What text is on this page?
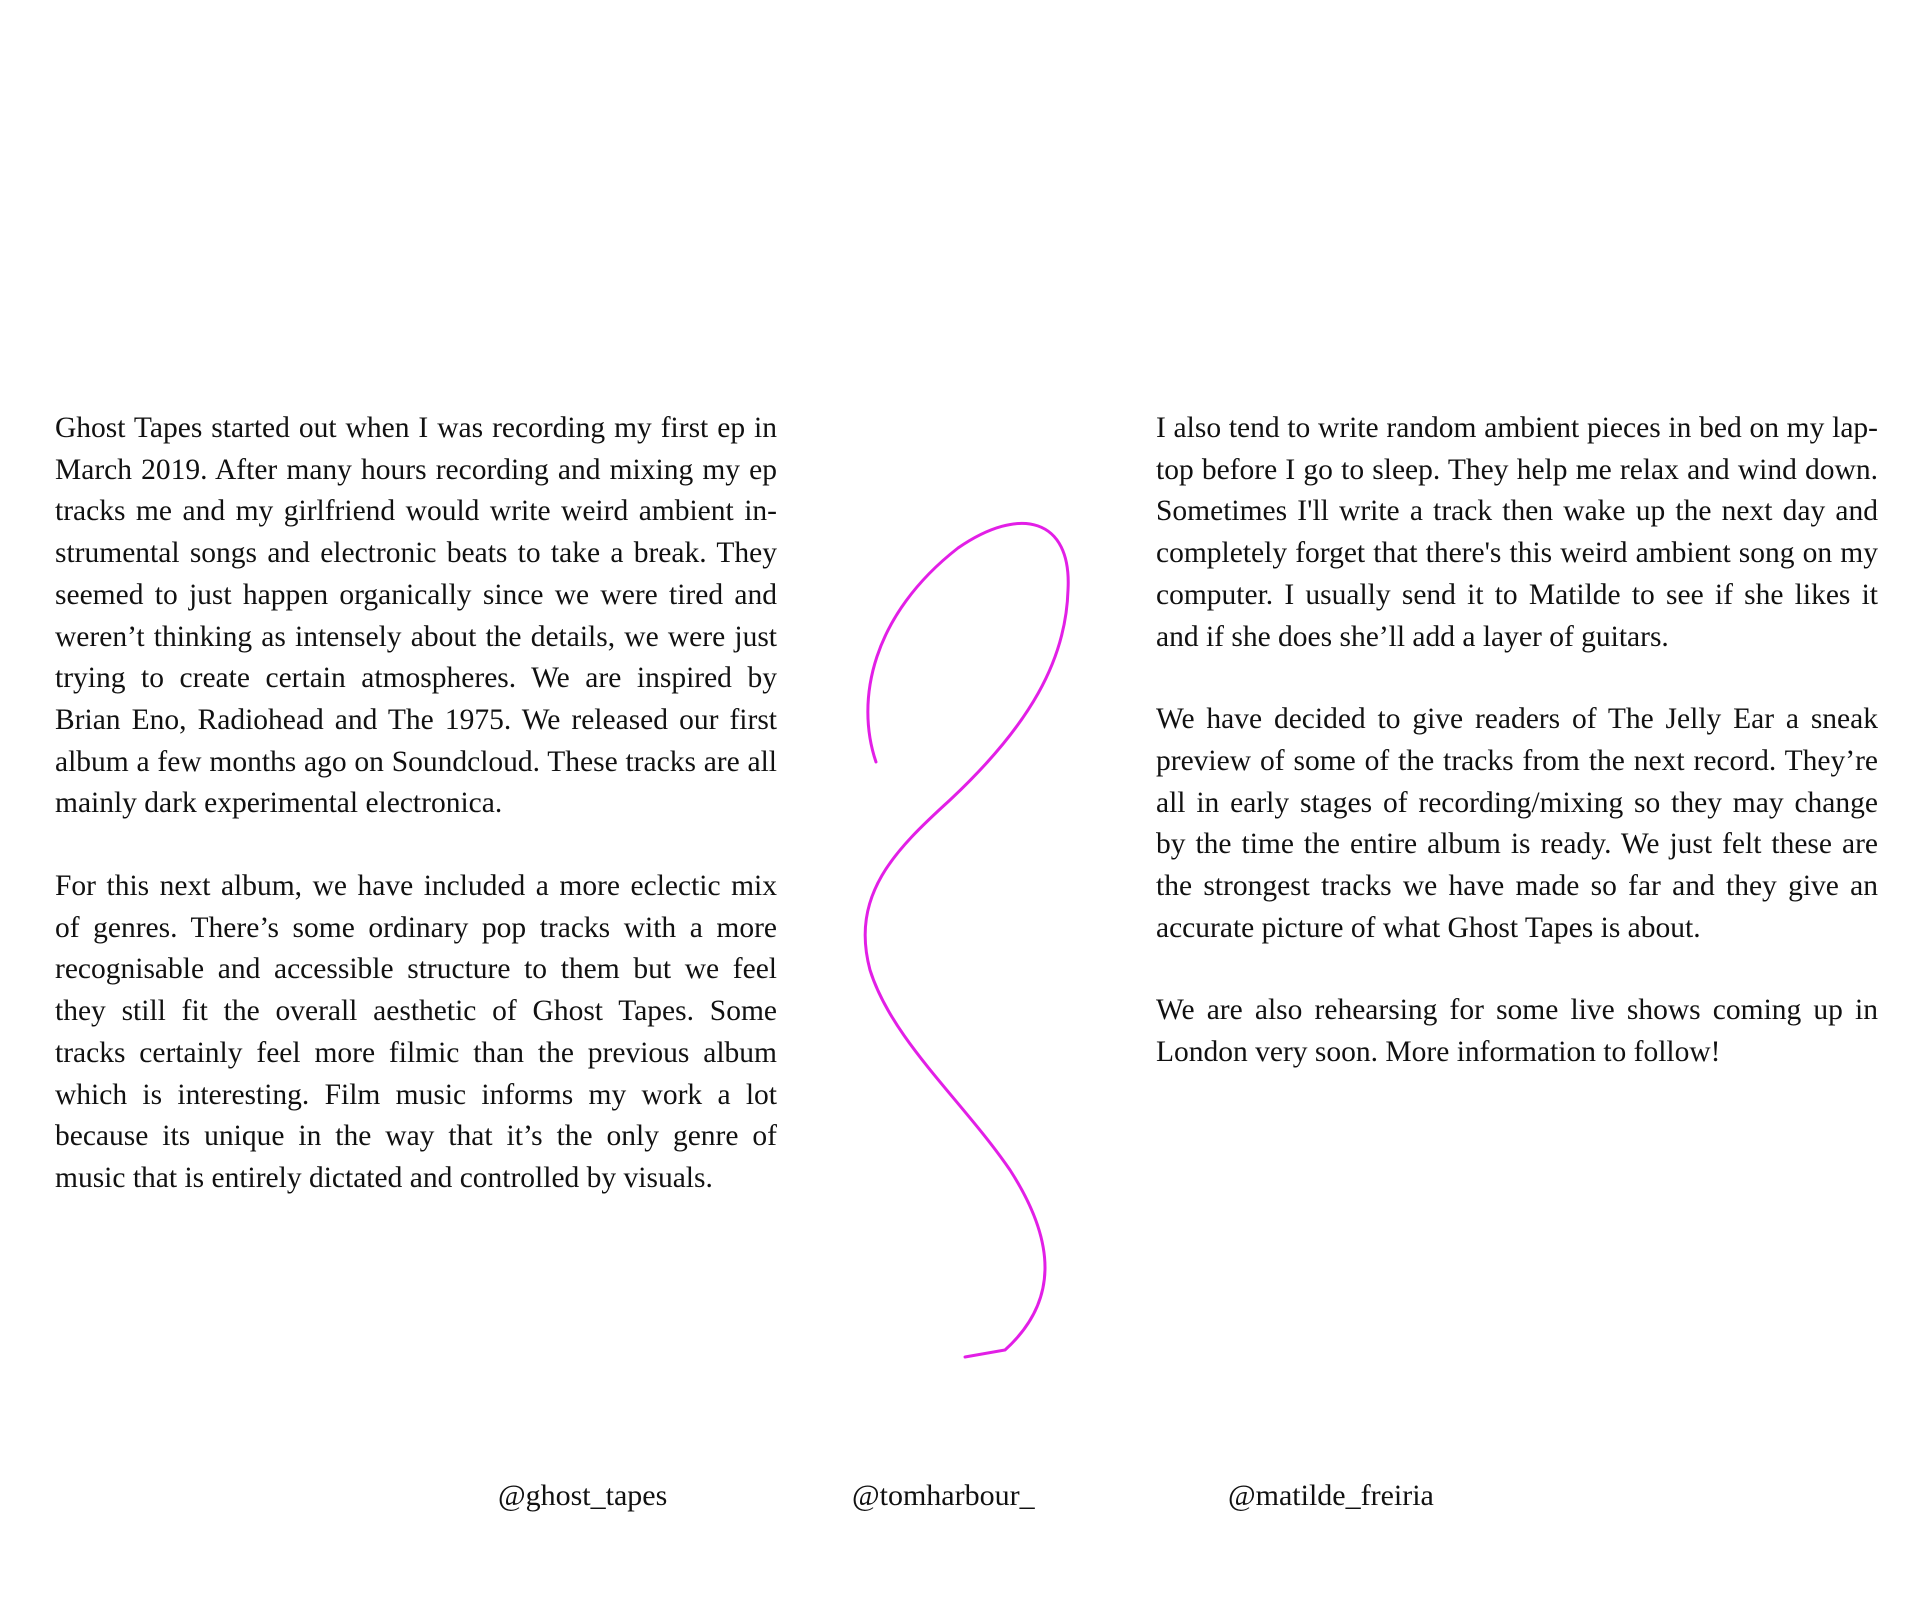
Ghost Tapes started out when I was recording my first ep in March 2019. After many hours recording and mixing my ep tracks me and my girlfriend would write weird ambient instrumental songs and electronic beats to take a break. They seemed to just happen organically since we were tired and weren’t thinking as intensely about the details, we were just trying to create certain atmospheres. We are inspired by Brian Eno, Radiohead and The 1975. We released our first album a few months ago on Soundcloud. These tracks are all mainly dark experimental electronica.

For this next album, we have included a more eclectic mix of genres. There’s some ordinary pop tracks with a more recognisable and accessible structure to them but we feel they still fit the overall aesthetic of Ghost Tapes. Some tracks certainly feel more filmic than the previous album which is interesting. Film music informs my work a lot because its unique in the way that it’s the only genre of music that is entirely dictated and controlled by visuals.

I also tend to write random ambient pieces in bed on my laptop before I go to sleep. They help me relax and wind down. Sometimes I'll write a track then wake up the next day and completely forget that there's this weird ambient song on my computer. I usually send it to Matilde to see if she likes it and if she does she’ll add a layer of guitars.

We have decided to give readers of The Jelly Ear a sneak preview of some of the tracks from the next record. They’re all in early stages of recording/mixing so they may change by the time the entire album is ready. We just felt these are the strongest tracks we have made so far and they give an accurate picture of what Ghost Tapes is about.

We are also rehearsing for some live shows coming up in London very soon. More information to follow!

@ghost_tapes	@tomharbour_	@matilde_freiria
